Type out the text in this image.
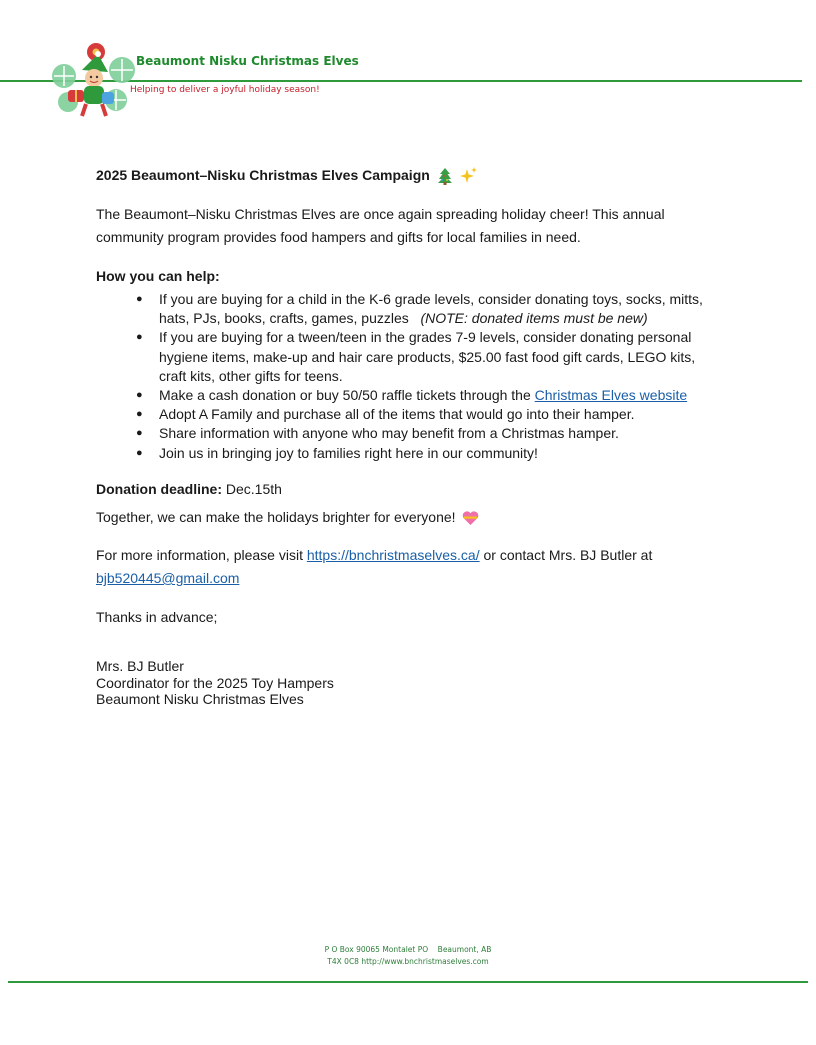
Beaumont Nisku Christmas Elves
Helping to deliver a joyful holiday season!
2025 Beaumont–Nisku Christmas Elves Campaign
The Beaumont–Nisku Christmas Elves are once again spreading holiday cheer! This annual community program provides food hampers and gifts for local families in need.
How you can help:
● If you are buying for a child in the K-6 grade levels, consider donating toys, socks, mitts, hats, PJs, books, crafts, games, puzzles (NOTE: donated items must be new)
● If you are buying for a tween/teen in the grades 7-9 levels, consider donating personal hygiene items, make-up and hair care products, $25.00 fast food gift cards, LEGO kits, craft kits, other gifts for teens.
● Make a cash donation or buy 50/50 raffle tickets through the Christmas Elves website
● Adopt A Family and purchase all of the items that would go into their hamper.
● Share information with anyone who may benefit from a Christmas hamper.
● Join us in bringing joy to families right here in our community!
Donation deadline: Dec.15th
Together, we can make the holidays brighter for everyone!
For more information, please visit https://bnchristmaselves.ca/ or contact Mrs. BJ Butler at bjb520445@gmail.com
Thanks in advance;
Mrs. BJ Butler
Coordinator for the 2025 Toy Hampers
Beaumont Nisku Christmas Elves
P O Box 90065 Montalet PO    Beaumont, AB
T4X 0C8 http://www.bnchristmaselves.com
